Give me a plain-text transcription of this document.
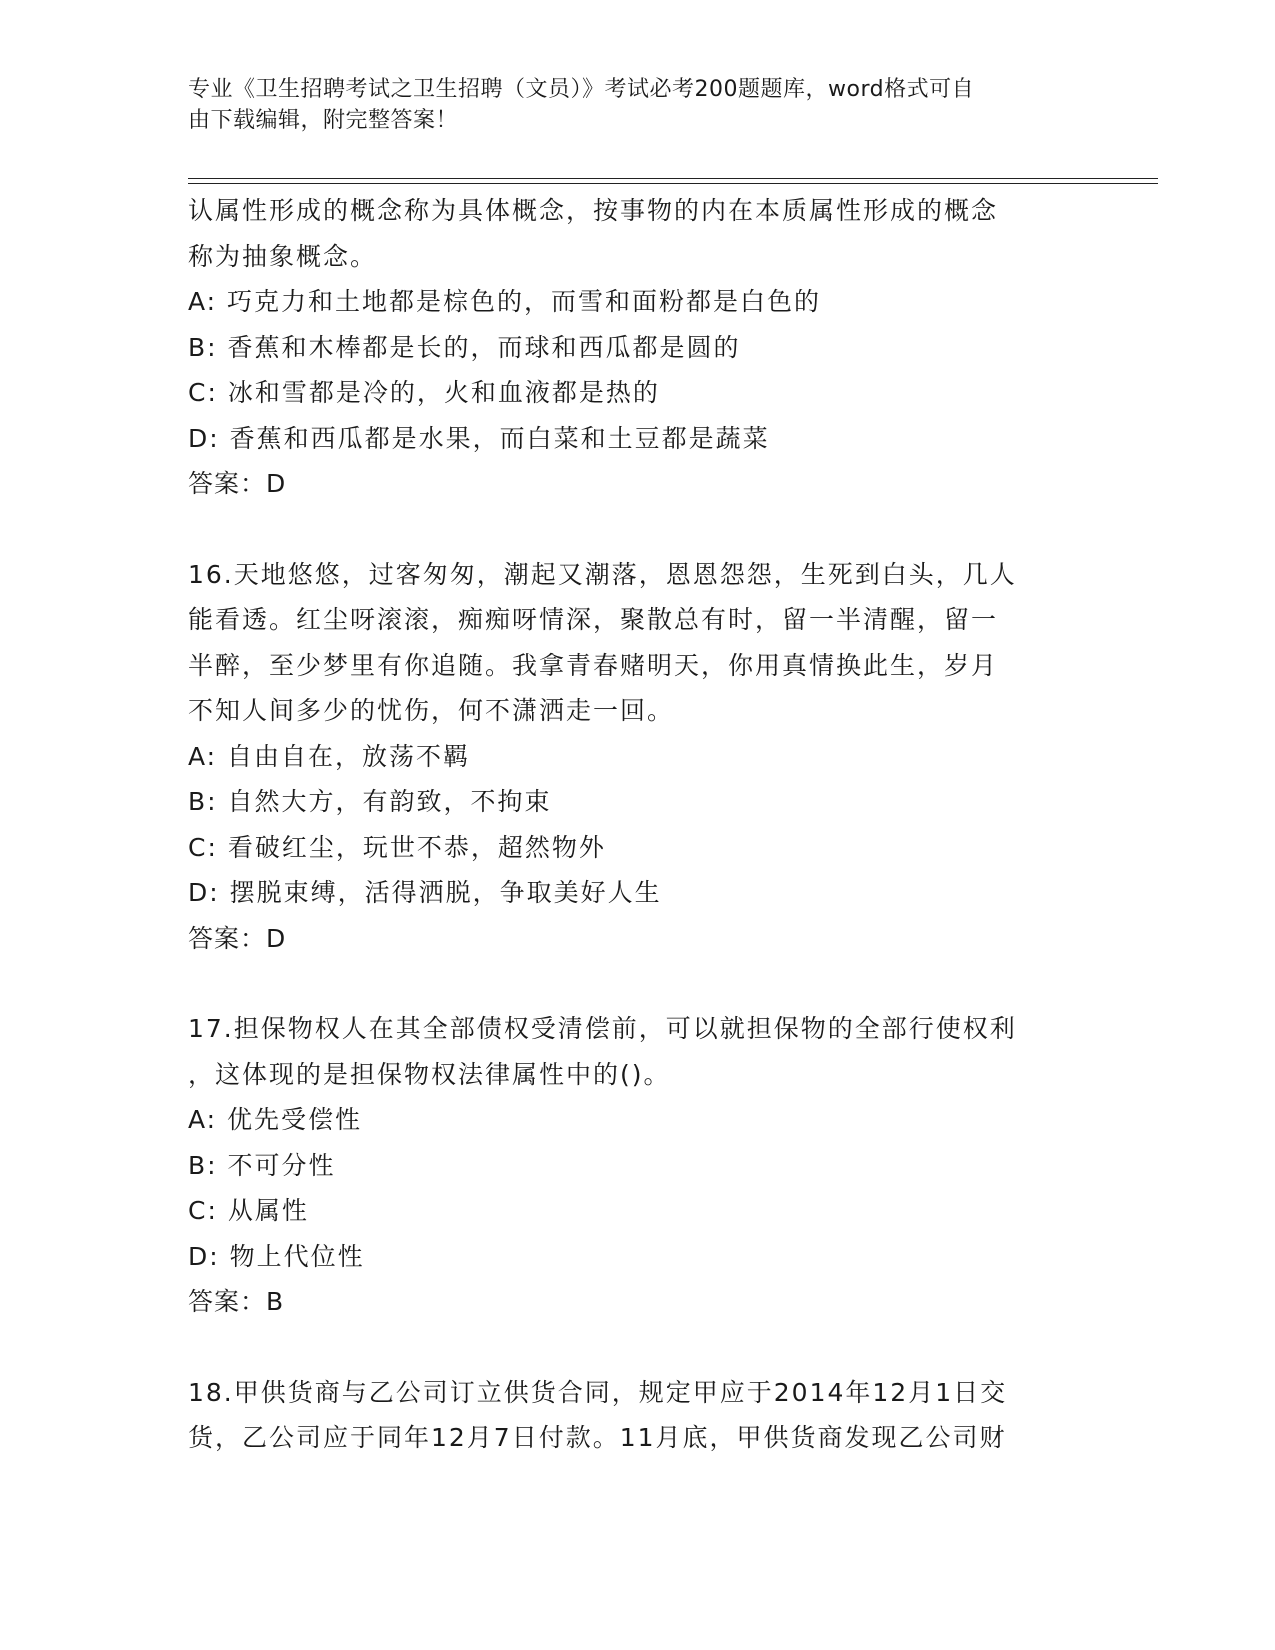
专业《卫生招聘考试之卫生招聘（文员）》考试必考200题题库，word格式可自
由下载编辑，附完整答案！
认属性形成的概念称为具体概念，按事物的内在本质属性形成的概念
称为抽象概念。
A: 巧克力和土地都是棕色的，而雪和面粉都是白色的
B: 香蕉和木棒都是长的，而球和西瓜都是圆的
C: 冰和雪都是冷的，火和血液都是热的
D: 香蕉和西瓜都是水果，而白菜和土豆都是蔬菜
答案：D
16.天地悠悠，过客匆匆，潮起又潮落，恩恩怨怨，生死到白头，几人
能看透。红尘呀滚滚，痴痴呀情深，聚散总有时，留一半清醒，留一
半醉，至少梦里有你追随。我拿青春赌明天，你用真情换此生，岁月
不知人间多少的忧伤，何不潇洒走一回。
A: 自由自在，放荡不羁
B: 自然大方，有韵致，不拘束
C: 看破红尘，玩世不恭，超然物外
D: 摆脱束缚，活得洒脱，争取美好人生
答案：D
17.担保物权人在其全部债权受清偿前，可以就担保物的全部行使权利
，这体现的是担保物权法律属性中的()。
A: 优先受偿性
B: 不可分性
C: 从属性
D: 物上代位性
答案：B
18.甲供货商与乙公司订立供货合同，规定甲应于2014年12月1日交
货，乙公司应于同年12月7日付款。11月底，甲供货商发现乙公司财
